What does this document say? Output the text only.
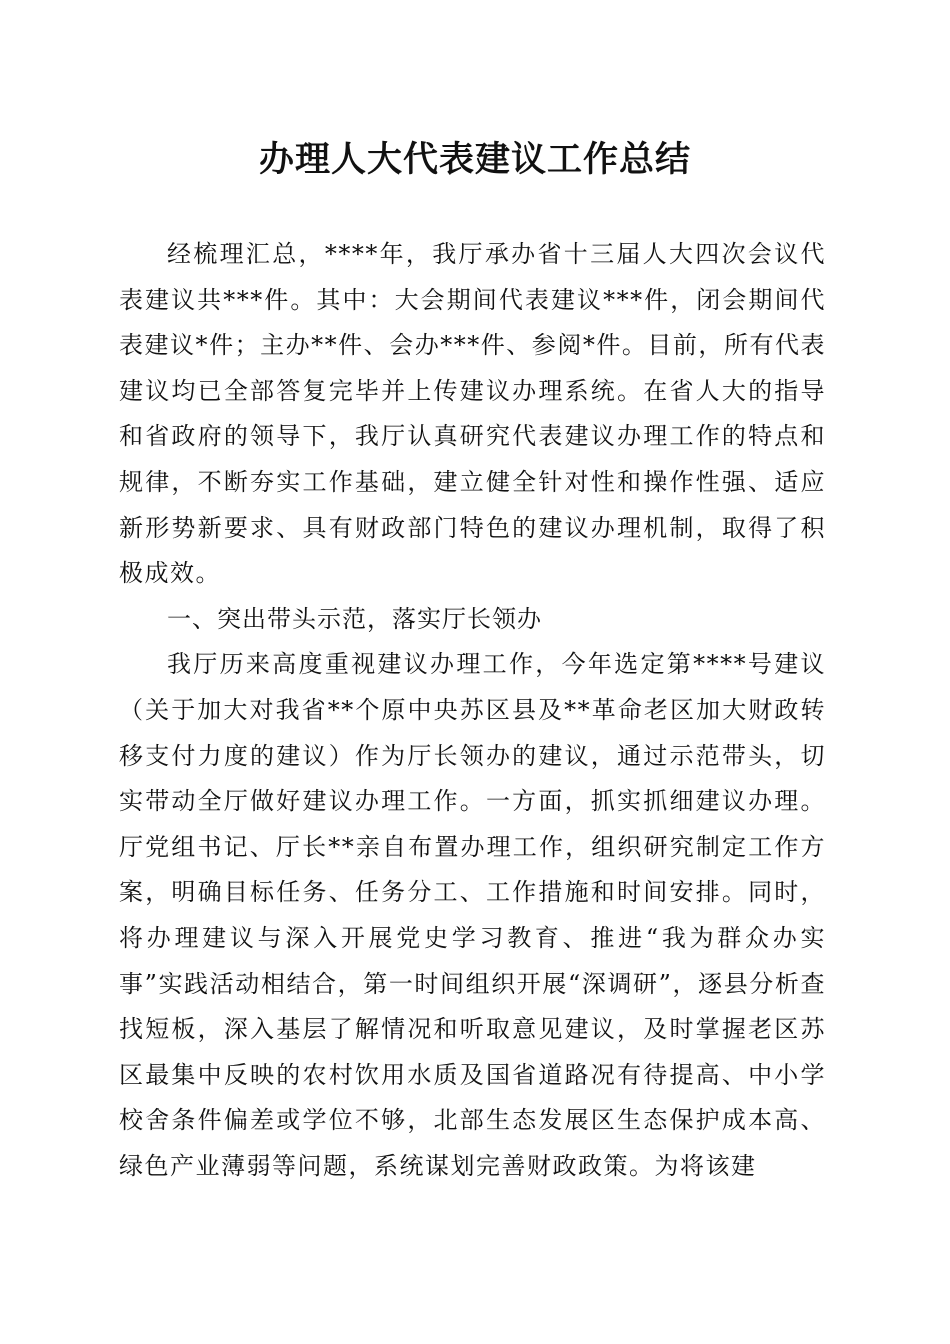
办理人大代表建议工作总结

经梳理汇总，****年，我厅承办省十三届人大四次会议代表建议共***件。其中：大会期间代表建议***件，闭会期间代表建议*件；主办**件、会办***件、参阅*件。目前，所有代表建议均已全部答复完毕并上传建议办理系统。在省人大的指导和省政府的领导下，我厅认真研究代表建议办理工作的特点和规律，不断夯实工作基础，建立健全针对性和操作性强、适应新形势新要求、具有财政部门特色的建议办理机制，取得了积极成效。

一、突出带头示范，落实厅长领办

我厅历来高度重视建议办理工作，今年选定第****号建议（关于加大对我省**个原中央苏区县及**革命老区加大财政转移支付力度的建议）作为厅长领办的建议，通过示范带头，切实带动全厅做好建议办理工作。一方面，抓实抓细建议办理。厅党组书记、厅长**亲自布置办理工作，组织研究制定工作方案，明确目标任务、任务分工、工作措施和时间安排。同时，将办理建议与深入开展党史学习教育、推进“我为群众办实事”实践活动相结合，第一时间组织开展“深调研”，逐县分析查找短板，深入基层了解情况和听取意见建议，及时掌握老区苏区最集中反映的农村饮用水质及国省道路况有待提高、中小学校舍条件偏差或学位不够，北部生态发展区生态保护成本高、绿色产业薄弱等问题，系统谋划完善财政政策。为将该建
